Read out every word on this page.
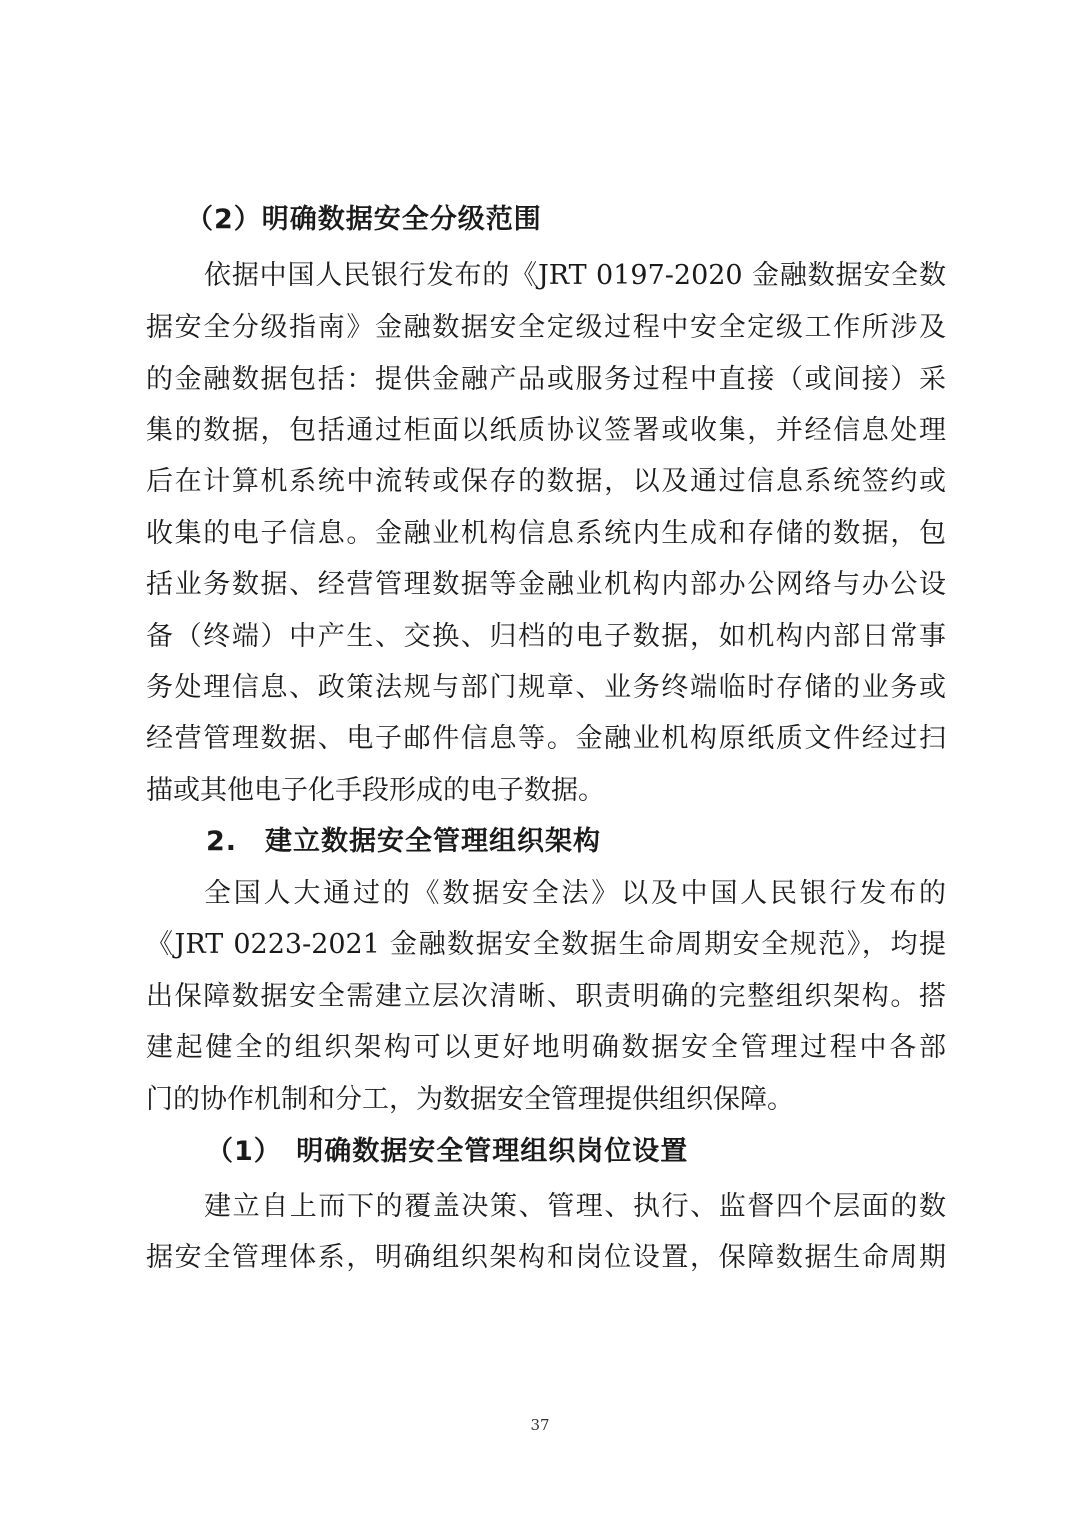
（2）明确数据安全分级范围
依据中国人民银行发布的《JRT 0197-2020 金融数据安全数
据安全分级指南》金融数据安全定级过程中安全定级工作所涉及
的金融数据包括：提供金融产品或服务过程中直接（或间接）采
集的数据，包括通过柜面以纸质协议签署或收集，并经信息处理
后在计算机系统中流转或保存的数据，以及通过信息系统签约或
收集的电子信息。金融业机构信息系统内生成和存储的数据，包
括业务数据、经营管理数据等金融业机构内部办公网络与办公设
备（终端）中产生、交换、归档的电子数据，如机构内部日常事
务处理信息、政策法规与部门规章、业务终端临时存储的业务或
经营管理数据、电子邮件信息等。金融业机构原纸质文件经过扫
描或其他电子化手段形成的电子数据。
2.　建立数据安全管理组织架构
全国人大通过的《数据安全法》以及中国人民银行发布的
《JRT 0223-2021 金融数据安全数据生命周期安全规范》，均提
出保障数据安全需建立层次清晰、职责明确的完整组织架构。搭
建起健全的组织架构可以更好地明确数据安全管理过程中各部
门的协作机制和分工，为数据安全管理提供组织保障。
（1）　明确数据安全管理组织岗位设置
建立自上而下的覆盖决策、管理、执行、监督四个层面的数
据安全管理体系，明确组织架构和岗位设置，保障数据生命周期
37
